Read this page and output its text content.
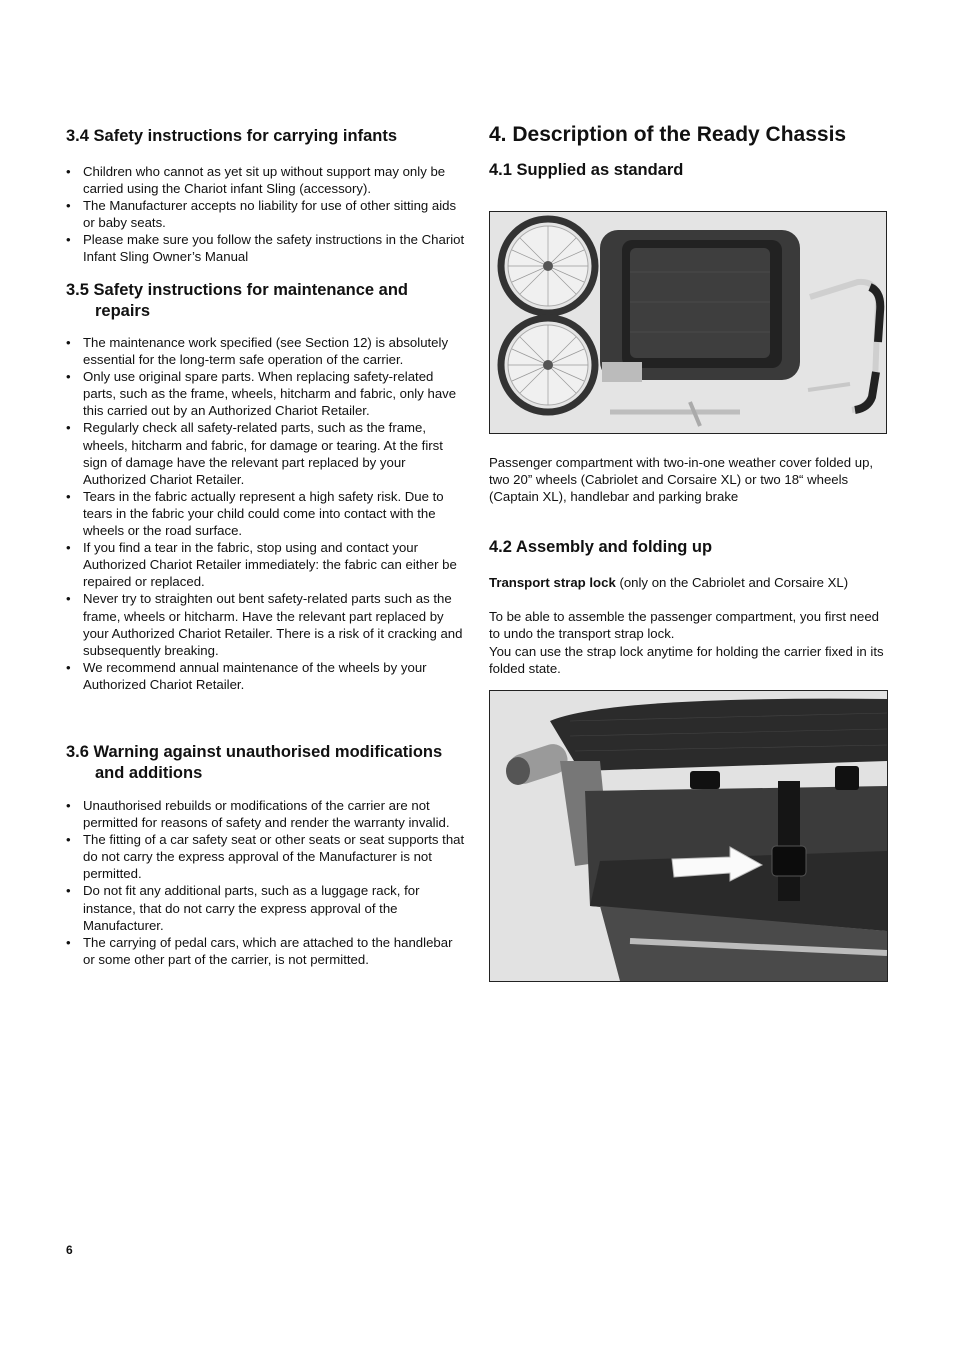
3.4 Safety instructions for carrying infants
• Children who cannot as yet sit up without support may only be carried using the Chariot infant Sling (accessory).
• The Manufacturer accepts no liability for use of other sitting aids or baby seats.
• Please make sure you follow the safety instructions in the Chariot Infant Sling Owner’s Manual
3.5 Safety instructions for maintenance and
repairs
• The maintenance work specified (see Section 12) is absolutely essential for the long-term safe operation of the carrier.
• Only use original spare parts. When replacing safety-related parts, such as the frame, wheels, hitcharm and fabric, only have this carried out by an Authorized Chariot Retailer.
• Regularly check all safety-related parts, such as the frame, wheels, hitcharm and fabric, for damage or tearing. At the first sign of damage have the relevant part replaced by your Authorized Chariot Retailer.
• Tears in the fabric actually represent a high safety risk. Due to tears in the fabric your child could come into contact with the wheels or the road surface.
• If you find a tear in the fabric, stop using and contact your Authorized Chariot Retailer immediately: the fabric can either be repaired or replaced.
• Never try to straighten out bent safety-related parts such as the frame, wheels or hitcharm. Have the relevant part replaced by your Authorized Chariot Retailer. There is a risk of it cracking and subsequently breaking.
• We recommend annual maintenance of the wheels by your Authorized Chariot Retailer.
3.6 Warning against unauthorised modifications
and additions
• Unauthorised rebuilds or modifications of the carrier are not permitted for reasons of safety and render the warranty invalid.
• The fitting of a car safety seat or other seats or seat supports that do not carry the express approval of the Manufacturer is not permitted.
• Do not fit any additional parts, such as a luggage rack, for instance, that do not carry the express approval of the Manufacturer.
• The carrying of pedal cars, which are attached to the handlebar or some other part of the carrier, is not permitted.
4. Description of the Ready Chassis
4.1 Supplied as standard

Passenger compartment with two-in-one weather cover folded up, two 20” wheels (Cabriolet and Corsaire XL) or two 18“ wheels (Captain XL), handlebar and parking brake

4.2 Assembly and folding up

Transport strap lock (only on the Cabriolet and Corsaire XL)

To be able to assemble the passenger compartment, you first need to undo the transport strap lock.

You can use the strap lock anytime for holding the carrier fixed in its folded state.

6
